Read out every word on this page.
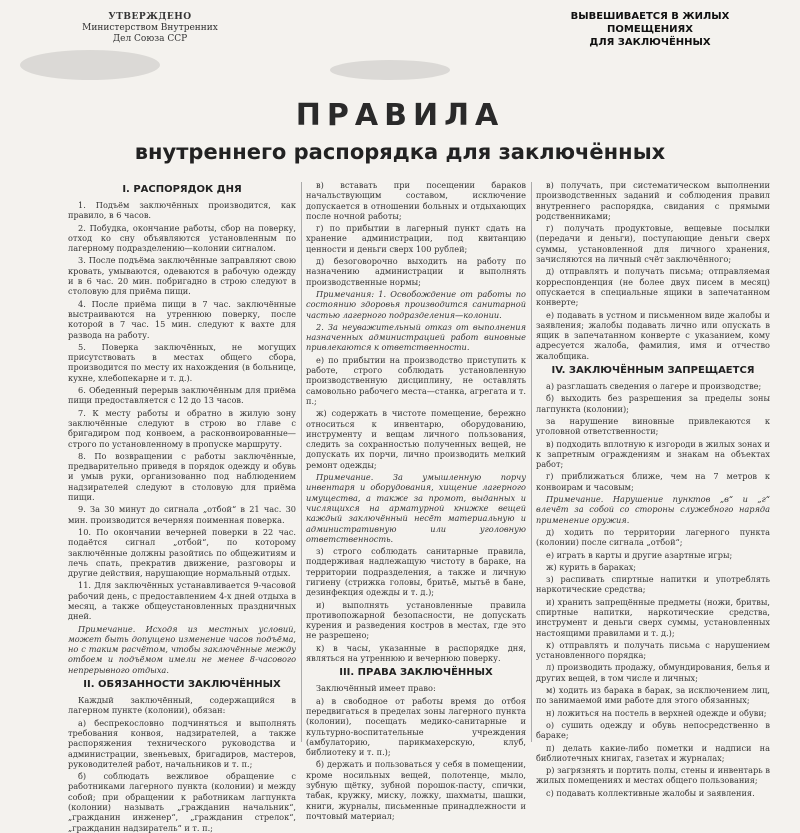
УТВЕРЖДЕНО
Министерством Внутренних
Дел Союза ССР
ВЫВЕШИВАЕТСЯ В ЖИЛЫХ ПОМЕЩЕНИЯХ
ДЛЯ ЗАКЛЮЧЁННЫХ
ПРАВИЛА
внутреннего распорядка для заключённых
I. РАСПОРЯДОК ДНЯ

1. Подъём заключённых производится, как правило, в 6 часов.

2. Побудка, окончание работы, сбор на поверку, отход ко сну объявляются установленным по лагерному подразделению—колонии сигналом.

3. После подъёма заключённые заправляют свою кровать, умываются, одеваются в рабочую одежду и в 6 час. 20 мин. побригадно в строю следуют в столовую для приёма пищи.

4. После приёма пищи в 7 час. заключённые выстраиваются на утреннюю поверку, после которой в 7 час. 15 мин. следуют к вахте для развода на работу.

5. Поверка заключённых, не могущих присутствовать в местах общего сбора, производится по месту их нахождения (в больнице, кухне, хлебопекарне и т. д.).

6. Обеденный перерыв заключённым для приёма пищи предоставляется с 12 до 13 часов.

7. К месту работы и обратно в жилую зону заключённые следуют в строю во главе с бригадиром под конвоем, а расконвоированные—строго по установленному в пропуске маршруту.

8. По возвращении с работы заключённые, предварительно приведя в порядок одежду и обувь и умыв руки, организованно под наблюдением надзирателей следуют в столовую для приёма пищи.

9. За 30 минут до сигнала „отбой“ в 21 час. 30 мин. производится вечерняя поименная поверка.

10. По окончании вечерней поверки в 22 час. подаётся сигнал „отбой“, по которому заключённые должны разойтись по общежитиям и лечь спать, прекратив движение, разговоры и другие действия, нарушающие нормальный отдых.

11. Для заключённых устанавливается 9-часовой рабочий день, с предоставлением 4-х дней отдыха в месяц, а также общеустановленных праздничных дней.

Примечание. Исходя из местных условий, может быть допущено изменение часов подъёма, но с таким расчётом, чтобы заключённые между отбоем и подъёмом имели не менее 8-часового непрерывного отдыха.

II. ОБЯЗАННОСТИ ЗАКЛЮЧЁННЫХ

Каждый заключённый, содержащийся в лагерном пункте (колонии), обязан:

а) беспрекословно подчиняться и выполнять требования конвоя, надзирателей, а также распоряжения технического руководства и администрации, звеньевых, бригадиров, мастеров, руководителей работ, начальников и т. п.;

б) соблюдать вежливое обращение с работниками лагерного пункта (колонии) и между собой; при обращении к работникам лагпункта (колонии) называть „гражданин начальник“, „гражданин инженер“, „гражданин стрелок“, „гражданин надзиратель“ и т. п.;

в) вставать при посещении бараков начальствующим составом, исключение допускается в отношении больных и отдыхающих после ночной работы;

г) по прибытии в лагерный пункт сдать на хранение администрации, под квитанцию ценности и деньги сверх 100 рублей;

д) безоговорочно выходить на работу по назначению администрации и выполнять производственные нормы;

Примечания: 1. Освобождение от работы по состоянию здоровья производится санитарной частью лагерного подразделения—колонии.

2. За неуважительный отказ от выполнения назначенных администрацией работ виновные привлекаются к ответственности.

е) по прибытии на производство приступить к работе, строго соблюдать установленную производственную дисциплину, не оставлять самовольно рабочего места—станка, агрегата и т. п.;

ж) содержать в чистоте помещение, бережно относиться к инвентарю, оборудованию, инструменту и вещам личного пользования, следить за сохранностью полученных вещей, не допускать их порчи, лично производить мелкий ремонт одежды;

Примечание. За умышленную порчу инвентаря и оборудования, хищение лагерного имущества, а также за промот, выданных и числящихся на арматурной книжке вещей каждый заключённый несёт материальную и административную или уголовную ответственность.

з) строго соблюдать санитарные правила, поддерживая надлежащую чистоту в бараке, на территории подразделения, а также и личную гигиену (стрижка головы, бритьё, мытьё в бане, дезинфекция одежды и т. д.);

и) выполнять установленные правила противопожарной безопасности, не допускать курения и разведения костров в местах, где это не разрешено;

к) в часы, указанные в распорядке дня, являться на утреннюю и вечернюю поверку.

III. ПРАВА ЗАКЛЮЧЁННЫХ

Заключённый имеет право:

а) в свободное от работы время до отбоя передвигаться в пределах зоны лагерного пункта (колонии), посещать медико-санитарные и культурно-воспитательные учреждения (амбулаторию, парикмахерскую, клуб, библиотеку и т. п.);

б) держать и пользоваться у себя в помещении, кроме носильных вещей, полотенце, мыло, зубную щётку, зубной порошок-пасту, спички, табак, кружку, миску, ложку, шахматы, шашки, книги, журналы, письменные принадлежности и почтовый материал;

в) получать, при систематическом выполнении производственных заданий и соблюдения правил внутреннего распорядка, свидания с прямыми родственниками;

г) получать продуктовые, вещевые посылки (передачи и деньги), поступающие деньги сверх суммы, установленной для личного хранения, зачисляются на личный счёт заключённого;

д) отправлять и получать письма; отправляемая корреспонденция (не более двух писем в месяц) опускается в специальные ящики в запечатанном конверте;

е) подавать в устном и письменном виде жалобы и заявления; жалобы подавать лично или опускать в ящик в запечатанном конверте с указанием, кому адресуется жалоба, фамилия, имя и отчество жалобщика.

IV. ЗАКЛЮЧЁННЫМ ЗАПРЕЩАЕТСЯ

а) разглашать сведения о лагере и производстве;

б) выходить без разрешения за пределы зоны лагпункта (колонии);

за нарушение виновные привлекаются к уголовной ответственности;

в) подходить вплотную к изгороди в жилых зонах и к запретным ограждениям и знакам на объектах работ;

г) приближаться ближе, чем на 7 метров к конвоирам и часовым;

Примечание. Нарушение пунктов „в“ и „г“ влечёт за собой со стороны служебного наряда применение оружия.

д) ходить по территории лагерного пункта (колонии) после сигнала „отбой“;

е) играть в карты и другие азартные игры;

ж) курить в бараках;

з) распивать спиртные напитки и употреблять наркотические средства;

и) хранить запрещённые предметы (ножи, бритвы, спиртные напитки, наркотические средства, инструмент и деньги сверх суммы, установленных настоящими правилами и т. д.);

к) отправлять и получать письма с нарушением установленного порядка;

л) производить продажу, обмундирования, белья и других вещей, в том числе и личных;

м) ходить из барака в барак, за исключением лиц, по занимаемой ими работе для этого обязанных;

н) ложиться на постель в верхней одежде и обуви;

о) сушить одежду и обувь непосредственно в бараке;

п) делать какие-либо пометки и надписи на библиотечных книгах, газетах и журналах;

р) загрязнять и портить полы, стены и инвентарь в жилых помещениях и местах общего пользования;

с) подавать коллективные жалобы и заявления.
